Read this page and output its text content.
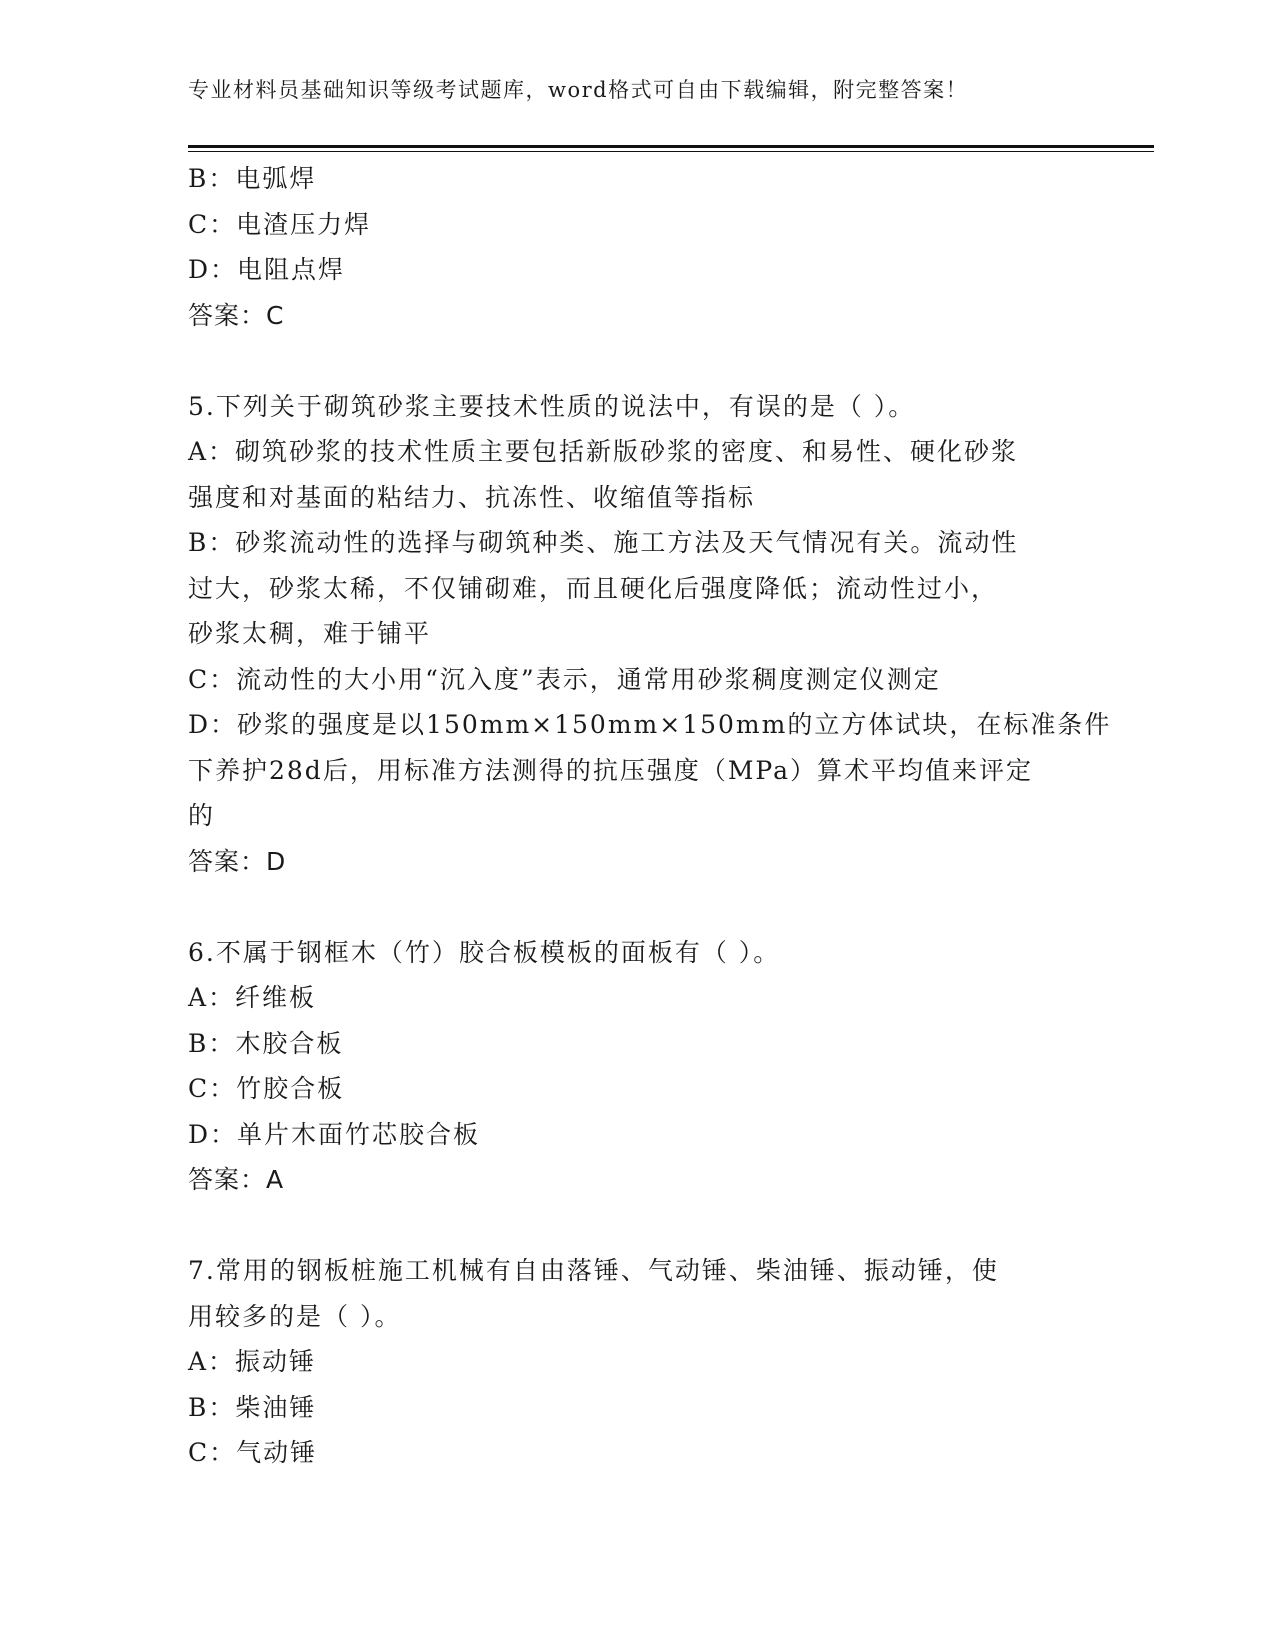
专业材料员基础知识等级考试题库，word格式可自由下载编辑，附完整答案！
B：电弧焊
C：电渣压力焊
D：电阻点焊
答案：C
5.下列关于砌筑砂浆主要技术性质的说法中，有误的是（ ）。
A：砌筑砂浆的技术性质主要包括新版砂浆的密度、和易性、硬化砂浆
强度和对基面的粘结力、抗冻性、收缩值等指标
B：砂浆流动性的选择与砌筑种类、施工方法及天气情况有关。流动性
过大，砂浆太稀，不仅铺砌难，而且硬化后强度降低；流动性过小，
砂浆太稠，难于铺平
C：流动性的大小用“沉入度”表示，通常用砂浆稠度测定仪测定
D：砂浆的强度是以150mm×150mm×150mm的立方体试块，在标准条件
下养护28d后，用标准方法测得的抗压强度（MPa）算术平均值来评定
的
答案：D
6.不属于钢框木（竹）胶合板模板的面板有（ ）。
A：纤维板
B：木胶合板
C：竹胶合板
D：单片木面竹芯胶合板
答案：A
7.常用的钢板桩施工机械有自由落锤、气动锤、柴油锤、振动锤，使
用较多的是（ ）。
A：振动锤
B：柴油锤
C：气动锤
